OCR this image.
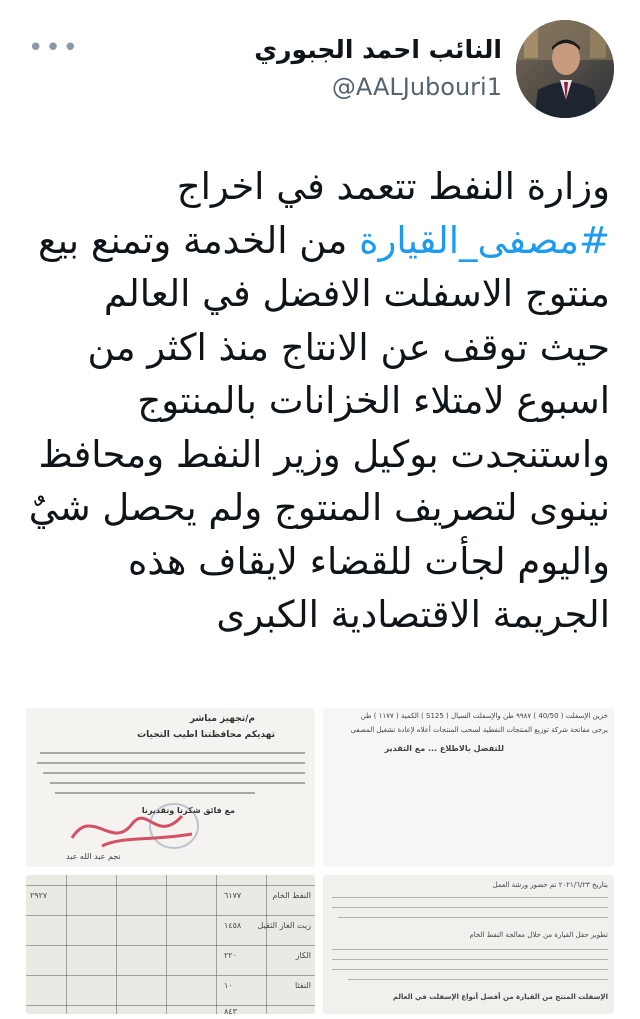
•••	النائب احمد الجبوري
@AALJubouri1
وزارة النفط تتعمد في اخراج
#مصفى_القيارة من الخدمة وتمنع بيع
منتوج الاسفلت الافضل في العالم
حيث توقف عن الانتاج منذ اكثر من
اسبوع لامتلاء الخزانات بالمنتوج
واستنجدت بوكيل وزير النفط ومحافظ
نينوى لتصريف المنتوج ولم يحصل شيٌ
واليوم لجأت للقضاء لايقاف هذه
الجريمة الاقتصادية الكبرى
م/تجهيز مباشر
تهديكم محافظتنا اطيب التحيات
مع فائق شكرنا وتقديرنا
نجم عبد الله عبد
خزين الإسفلت ( 40/50 ) ٩٩٨٧ طن والإسفلت السيال ( S125 ) الكمية ( ١١٧٧ ) طن
يرجى مفاتحة شركة توزيع المنتجات النفطية لسحب المنتجات أعلاه لإعادة تشغيل المصفى
للتفضل بالاطلاع ... مع التقدير
النفط الخام
زيت الغاز الثقيل
الكاز
النفثا
٦١٧٧
١٤٥٨
٢٢٠
١٠
٨٤٣
٢٩٢٧
بتاريخ ٢٠٢١/٦/٢٣ تم حضور ورشة العمل
تطوير حقل القيارة من خلال معالجة النفط الخام
الإسفلت المنتج من القيارة من أفضل أنواع الإسفلت في العالم
